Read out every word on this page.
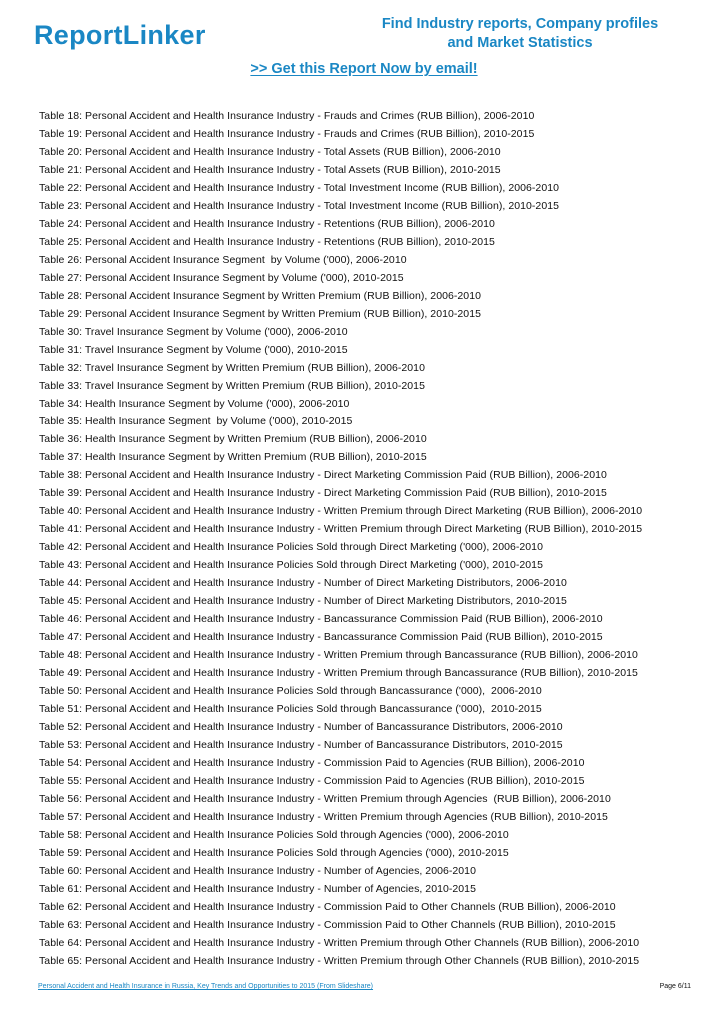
ReportLinker	Find Industry reports, Company profiles
and Market Statistics
>> Get this Report Now by email!
Table 18: Personal Accident and Health Insurance Industry - Frauds and Crimes (RUB Billion), 2006-2010
Table 19: Personal Accident and Health Insurance Industry - Frauds and Crimes (RUB Billion), 2010-2015
Table 20: Personal Accident and Health Insurance Industry - Total Assets (RUB Billion), 2006-2010
Table 21: Personal Accident and Health Insurance Industry - Total Assets (RUB Billion), 2010-2015
Table 22: Personal Accident and Health Insurance Industry - Total Investment Income (RUB Billion), 2006-2010
Table 23: Personal Accident and Health Insurance Industry - Total Investment Income (RUB Billion), 2010-2015
Table 24: Personal Accident and Health Insurance Industry - Retentions (RUB Billion), 2006-2010
Table 25: Personal Accident and Health Insurance Industry - Retentions (RUB Billion), 2010-2015
Table 26: Personal Accident Insurance Segment  by Volume ('000), 2006-2010
Table 27: Personal Accident Insurance Segment by Volume ('000), 2010-2015
Table 28: Personal Accident Insurance Segment by Written Premium (RUB Billion), 2006-2010
Table 29: Personal Accident Insurance Segment by Written Premium (RUB Billion), 2010-2015
Table 30: Travel Insurance Segment by Volume ('000), 2006-2010
Table 31: Travel Insurance Segment by Volume ('000), 2010-2015
Table 32: Travel Insurance Segment by Written Premium (RUB Billion), 2006-2010
Table 33: Travel Insurance Segment by Written Premium (RUB Billion), 2010-2015
Table 34: Health Insurance Segment by Volume ('000), 2006-2010
Table 35: Health Insurance Segment  by Volume ('000), 2010-2015
Table 36: Health Insurance Segment by Written Premium (RUB Billion), 2006-2010
Table 37: Health Insurance Segment by Written Premium (RUB Billion), 2010-2015
Table 38: Personal Accident and Health Insurance Industry - Direct Marketing Commission Paid (RUB Billion), 2006-2010
Table 39: Personal Accident and Health Insurance Industry - Direct Marketing Commission Paid (RUB Billion), 2010-2015
Table 40: Personal Accident and Health Insurance Industry - Written Premium through Direct Marketing (RUB Billion), 2006-2010
Table 41: Personal Accident and Health Insurance Industry - Written Premium through Direct Marketing (RUB Billion), 2010-2015
Table 42: Personal Accident and Health Insurance Policies Sold through Direct Marketing ('000), 2006-2010
Table 43: Personal Accident and Health Insurance Policies Sold through Direct Marketing ('000), 2010-2015
Table 44: Personal Accident and Health Insurance Industry - Number of Direct Marketing Distributors, 2006-2010
Table 45: Personal Accident and Health Insurance Industry - Number of Direct Marketing Distributors, 2010-2015
Table 46: Personal Accident and Health Insurance Industry - Bancassurance Commission Paid (RUB Billion), 2006-2010
Table 47: Personal Accident and Health Insurance Industry - Bancassurance Commission Paid (RUB Billion), 2010-2015
Table 48: Personal Accident and Health Insurance Industry - Written Premium through Bancassurance (RUB Billion), 2006-2010
Table 49: Personal Accident and Health Insurance Industry - Written Premium through Bancassurance (RUB Billion), 2010-2015
Table 50: Personal Accident and Health Insurance Policies Sold through Bancassurance ('000),  2006-2010
Table 51: Personal Accident and Health Insurance Policies Sold through Bancassurance ('000),  2010-2015
Table 52: Personal Accident and Health Insurance Industry - Number of Bancassurance Distributors, 2006-2010
Table 53: Personal Accident and Health Insurance Industry - Number of Bancassurance Distributors, 2010-2015
Table 54: Personal Accident and Health Insurance Industry - Commission Paid to Agencies (RUB Billion), 2006-2010
Table 55: Personal Accident and Health Insurance Industry - Commission Paid to Agencies (RUB Billion), 2010-2015
Table 56: Personal Accident and Health Insurance Industry - Written Premium through Agencies  (RUB Billion), 2006-2010
Table 57: Personal Accident and Health Insurance Industry - Written Premium through Agencies (RUB Billion), 2010-2015
Table 58: Personal Accident and Health Insurance Policies Sold through Agencies ('000), 2006-2010
Table 59: Personal Accident and Health Insurance Policies Sold through Agencies ('000), 2010-2015
Table 60: Personal Accident and Health Insurance Industry - Number of Agencies, 2006-2010
Table 61: Personal Accident and Health Insurance Industry - Number of Agencies, 2010-2015
Table 62: Personal Accident and Health Insurance Industry - Commission Paid to Other Channels (RUB Billion), 2006-2010
Table 63: Personal Accident and Health Insurance Industry - Commission Paid to Other Channels (RUB Billion), 2010-2015
Table 64: Personal Accident and Health Insurance Industry - Written Premium through Other Channels (RUB Billion), 2006-2010
Table 65: Personal Accident and Health Insurance Industry - Written Premium through Other Channels (RUB Billion), 2010-2015
Personal Accident and Health Insurance in Russia, Key Trends and Opportunities to 2015 (From Slideshare)	Page 6/11
